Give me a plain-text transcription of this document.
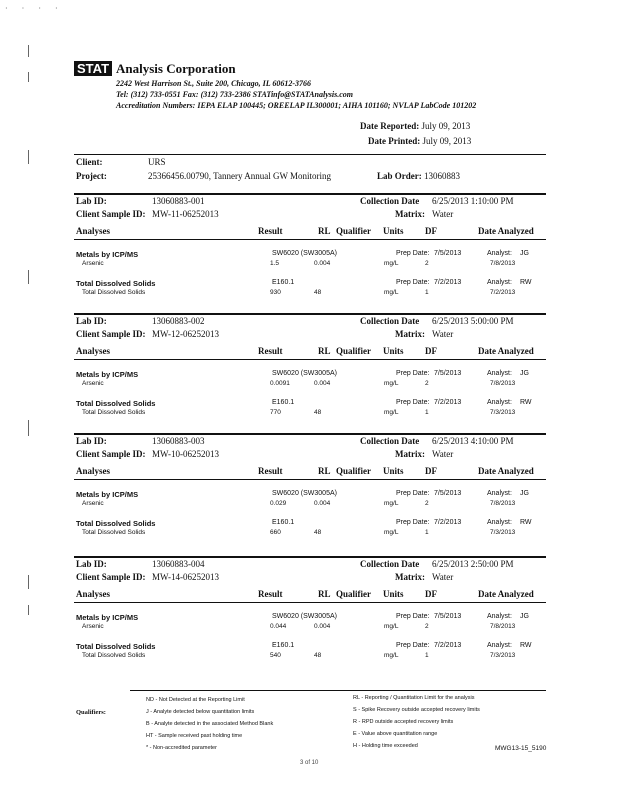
· · · ·
STAT Analysis Corporation
2242 West Harrison St., Suite 200, Chicago, IL 60612-3766
Tel: (312) 733-0551 Fax: (312) 733-2386 STATinfo@STATAnalysis.com
Accreditation Numbers: IEPA ELAP 100445; OREELAP IL300001; AIHA 101160; NVLAP LabCode 101202
Date Reported: July 09, 2013
Date Printed: July 09, 2013
Client:	URS
Project:	25366456.00790, Tannery Annual GW Monitoring	Lab Order: 13060883
Lab ID:	13060883-001	Collection Date 6/25/2013 1:10:00 PM
Client Sample ID: MW-11-06252013	Matrix: Water
Analyses	Result	RL Qualifier Units DF	Date Analyzed
Metals by ICP/MS	SW6020 (SW3005A)	Prep Date: 7/5/2013	Analyst: JG
Arsenic	1.5	0.004	mg/L	2	7/8/2013
Total Dissolved Solids	E160.1	Prep Date: 7/2/2013	Analyst: RW
Total Dissolved Solids	930	48	mg/L	1	7/2/2013
Lab ID:	13060883-002	Collection Date 6/25/2013 5:00:00 PM
Client Sample ID: MW-12-06252013	Matrix: Water
Analyses	Result	RL Qualifier Units DF	Date Analyzed
Metals by ICP/MS	SW6020 (SW3005A)	Prep Date: 7/5/2013	Analyst: JG
Arsenic	0.0091	0.004	mg/L	2	7/8/2013
Total Dissolved Solids	E160.1	Prep Date: 7/2/2013	Analyst: RW
Total Dissolved Solids	770	48	mg/L	1	7/3/2013
Lab ID:	13060883-003	Collection Date 6/25/2013 4:10:00 PM
Client Sample ID: MW-10-06252013	Matrix: Water
Analyses	Result	RL Qualifier Units DF	Date Analyzed
Metals by ICP/MS	SW6020 (SW3005A)	Prep Date: 7/5/2013	Analyst: JG
Arsenic	0.029	0.004	mg/L	2	7/8/2013
Total Dissolved Solids	E160.1	Prep Date: 7/2/2013	Analyst: RW
Total Dissolved Solids	660	48	mg/L	1	7/3/2013
Lab ID:	13060883-004	Collection Date 6/25/2013 2:50:00 PM
Client Sample ID: MW-14-06252013	Matrix: Water
Analyses	Result	RL Qualifier Units DF	Date Analyzed
Metals by ICP/MS	SW6020 (SW3005A)	Prep Date: 7/5/2013	Analyst: JG
Arsenic	0.044	0.004	mg/L	2	7/8/2013
Total Dissolved Solids	E160.1	Prep Date: 7/2/2013	Analyst: RW
Total Dissolved Solids	540	48	mg/L	1	7/3/2013
Qualifiers:
ND - Not Detected at the Reporting Limit
J - Analyte detected below quantitation limits
B - Analyte detected in the associated Method Blank
HT - Sample received past holding time
* - Non-accredited parameter
RL - Reporting / Quantitation Limit for the analysis
S - Spike Recovery outside accepted recovery limits
R - RPD outside accepted recovery limits
E - Value above quantitation range
H - Holding time exceeded	MWG13-15_5190
3 of 10
